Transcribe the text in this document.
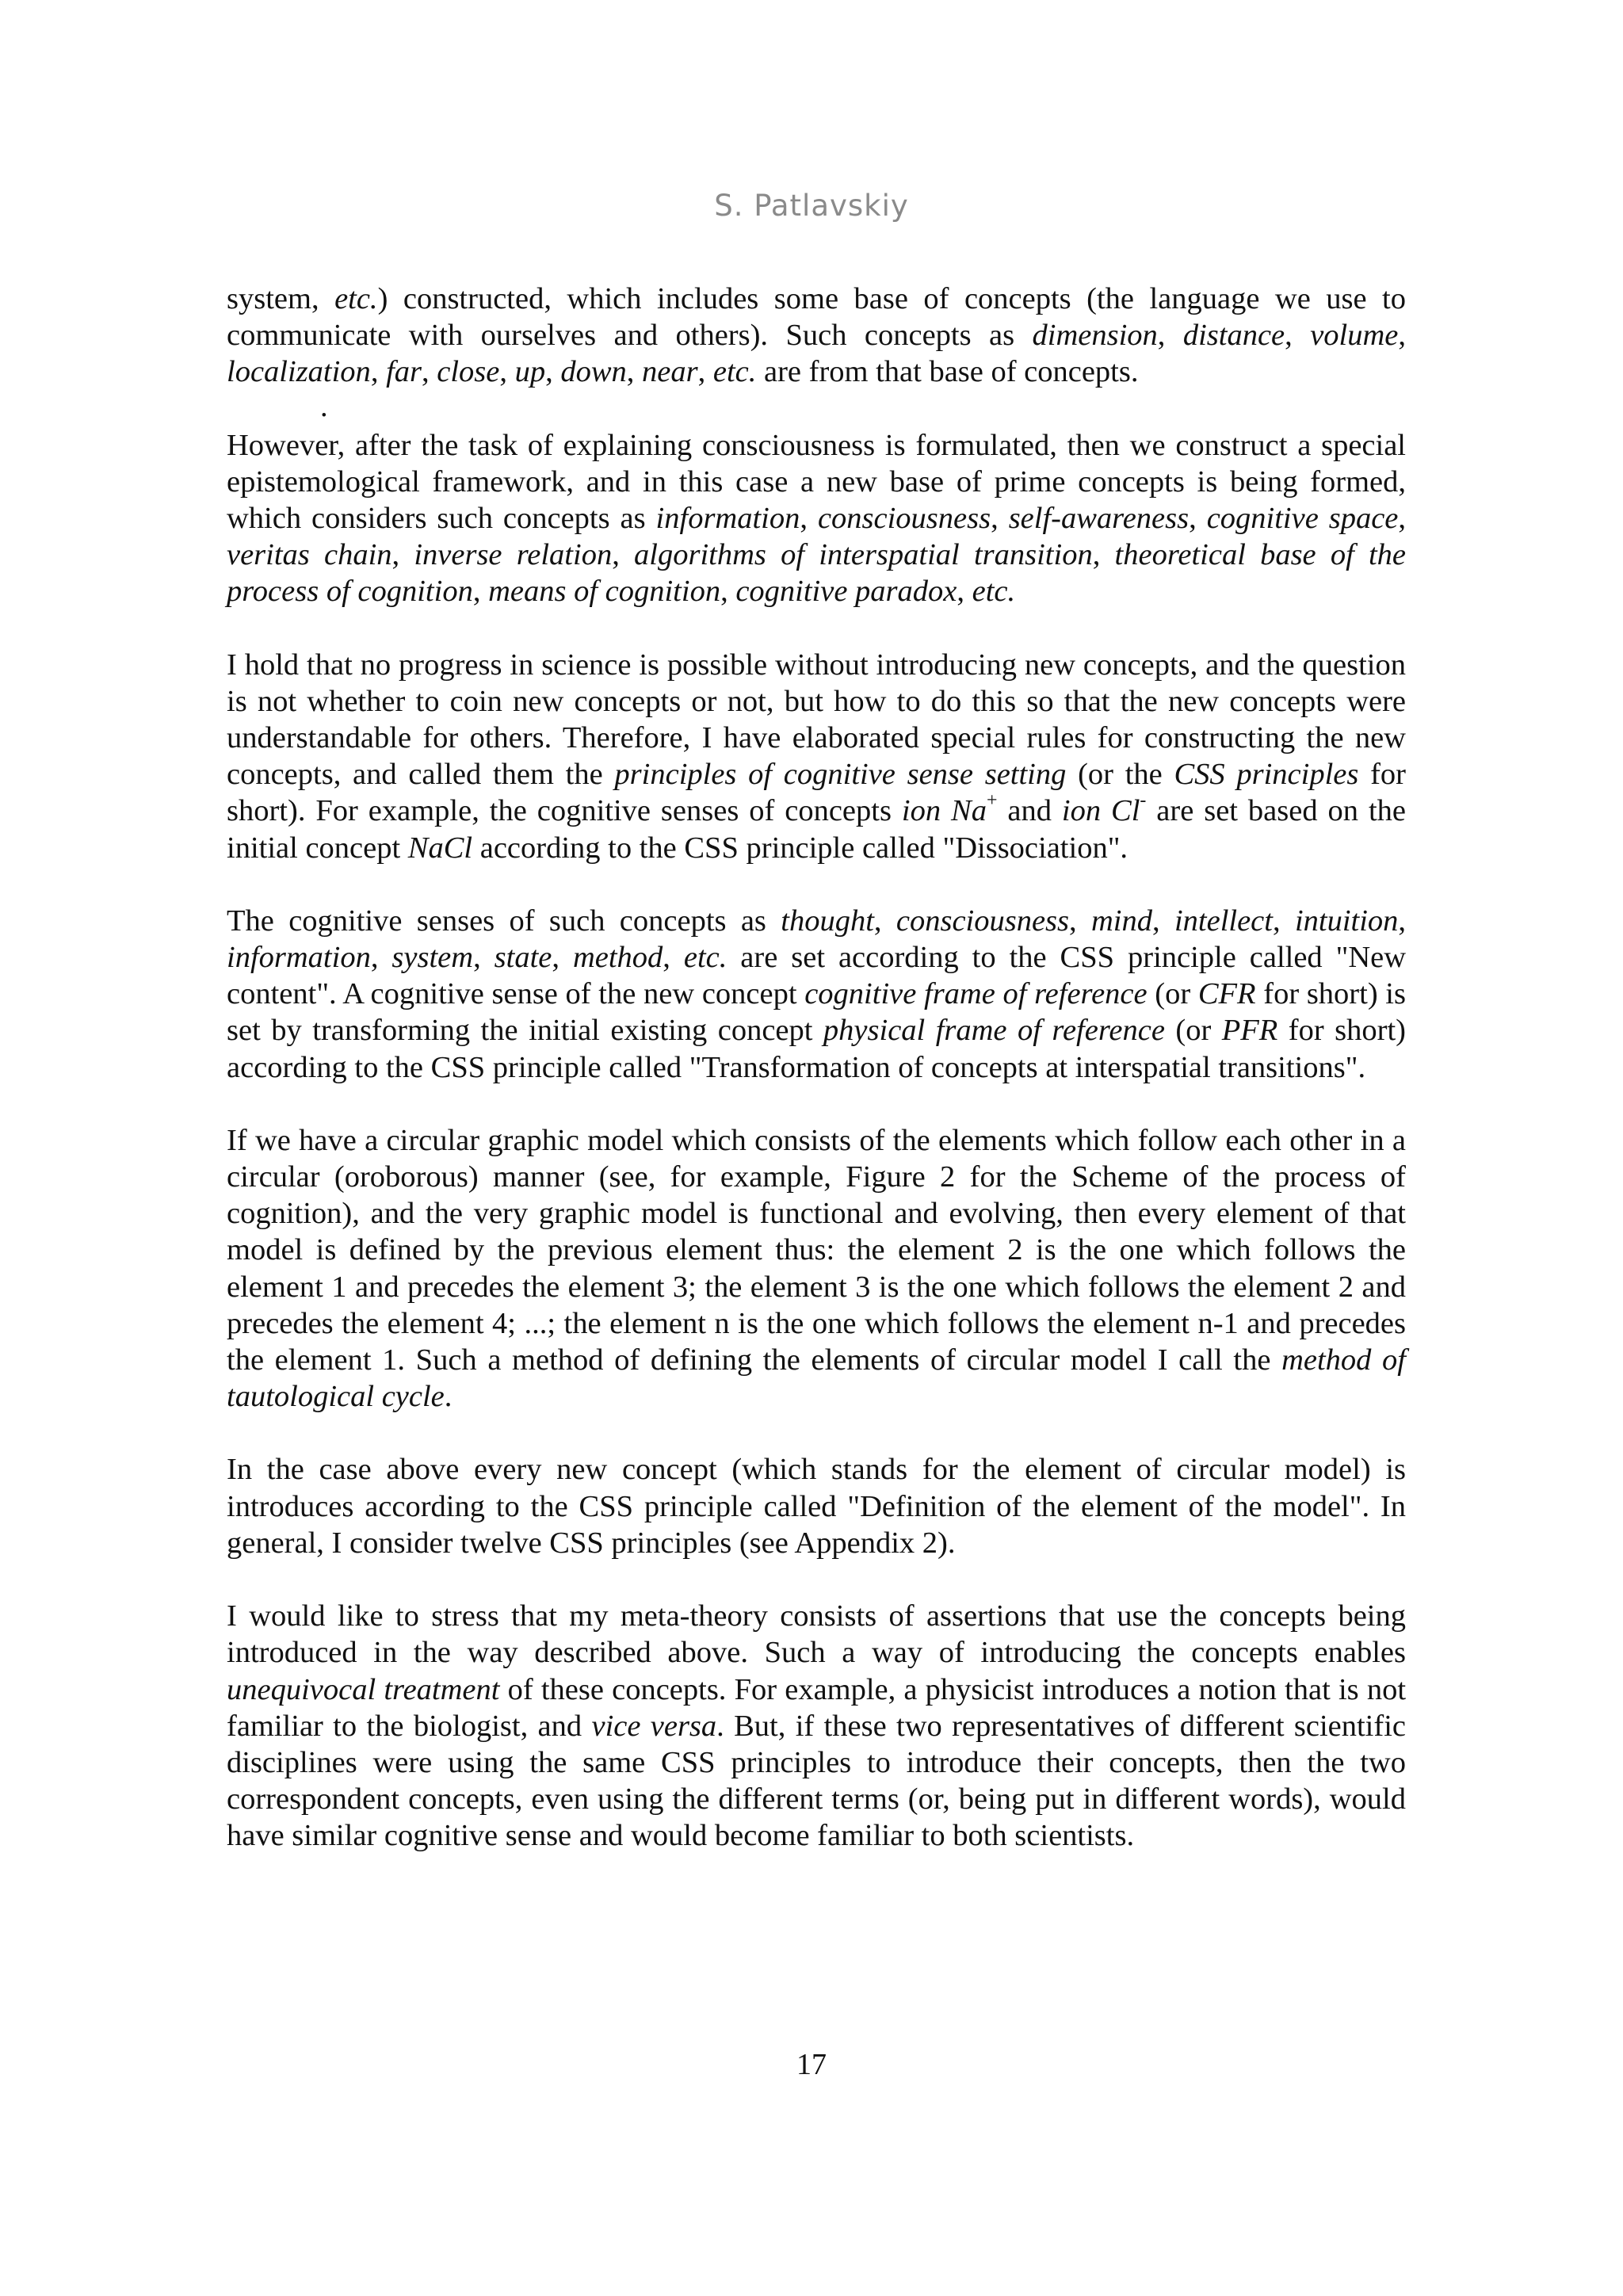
S. Patlavskiy

system, etc.) constructed, which includes some base of concepts (the language we use to communicate with ourselves and others). Such concepts as dimension, distance, volume, localization, far, close, up, down, near, etc. are from that base of concepts.

.

However, after the task of explaining consciousness is formulated, then we construct a special epistemological framework, and in this case a new base of prime concepts is being formed, which considers such concepts as information, consciousness, self-awareness, cognitive space, veritas chain, inverse relation, algorithms of interspatial transition, theoretical base of the process of cognition, means of cognition, cognitive paradox, etc.

I hold that no progress in science is possible without introducing new concepts, and the question is not whether to coin new concepts or not, but how to do this so that the new concepts were understandable for others. Therefore, I have elaborated special rules for constructing the new concepts, and called them the principles of cognitive sense setting (or the CSS principles for short). For example, the cognitive senses of concepts ion Na+ and ion Cl- are set based on the initial concept NaCl according to the CSS principle called "Dissociation".

The cognitive senses of such concepts as thought, consciousness, mind, intellect, intuition, information, system, state, method, etc. are set according to the CSS principle called "New content". A cognitive sense of the new concept cognitive frame of reference (or CFR for short) is set by transforming the initial existing concept physical frame of reference (or PFR for short) according to the CSS principle called "Transformation of concepts at interspatial transitions".

If we have a circular graphic model which consists of the elements which follow each other in a circular (oroborous) manner (see, for example, Figure 2 for the Scheme of the process of cognition), and the very graphic model is functional and evolving, then every element of that model is defined by the previous element thus: the element 2 is the one which follows the element 1 and precedes the element 3; the element 3 is the one which follows the element 2 and precedes the element 4; ...; the element n is the one which follows the element n-1 and precedes the element 1. Such a method of defining the elements of circular model I call the method of tautological cycle.

In the case above every new concept (which stands for the element of circular model) is introduces according to the CSS principle called "Definition of the element of the model". In general, I consider twelve CSS principles (see Appendix 2).

I would like to stress that my meta-theory consists of assertions that use the concepts being introduced in the way described above. Such a way of introducing the concepts enables unequivocal treatment of these concepts. For example, a physicist introduces a notion that is not familiar to the biologist, and vice versa. But, if these two representatives of different scientific disciplines were using the same CSS principles to introduce their concepts, then the two correspondent concepts, even using the different terms (or, being put in different words), would have similar cognitive sense and would become familiar to both scientists.

17
